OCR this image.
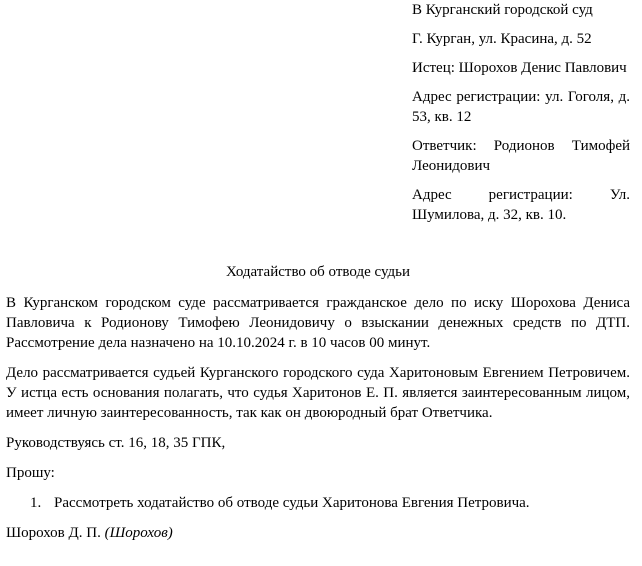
В Курганский городской суд

Г. Курган, ул. Красина, д. 52

Истец: Шорохов Денис Павлович

Адрес регистрации: ул. Гоголя, д. 53, кв. 12

Ответчик: Родионов Тимофей Леонидович

Адрес регистрации: Ул. Шумилова, д. 32, кв. 10.

Ходатайство об отводе судьи

В Курганском городском суде рассматривается гражданское дело по иску Шорохова Дениса Павловича к Родионову Тимофею Леонидовичу о взыскании денежных средств по ДТП. Рассмотрение дела назначено на 10.10.2024 г. в 10 часов 00 минут.

Дело рассматривается судьей Курганского городского суда Харитоновым Евгением Петровичем. У истца есть основания полагать, что судья Харитонов Е. П. является заинтересованным лицом, имеет личную заинтересованность, так как он двоюродный брат Ответчика.

Руководствуясь ст. 16, 18, 35 ГПК,

Прошу:

1. Рассмотреть ходатайство об отводе судьи Харитонова Евгения Петровича.

Шорохов Д. П. (Шорохов)
